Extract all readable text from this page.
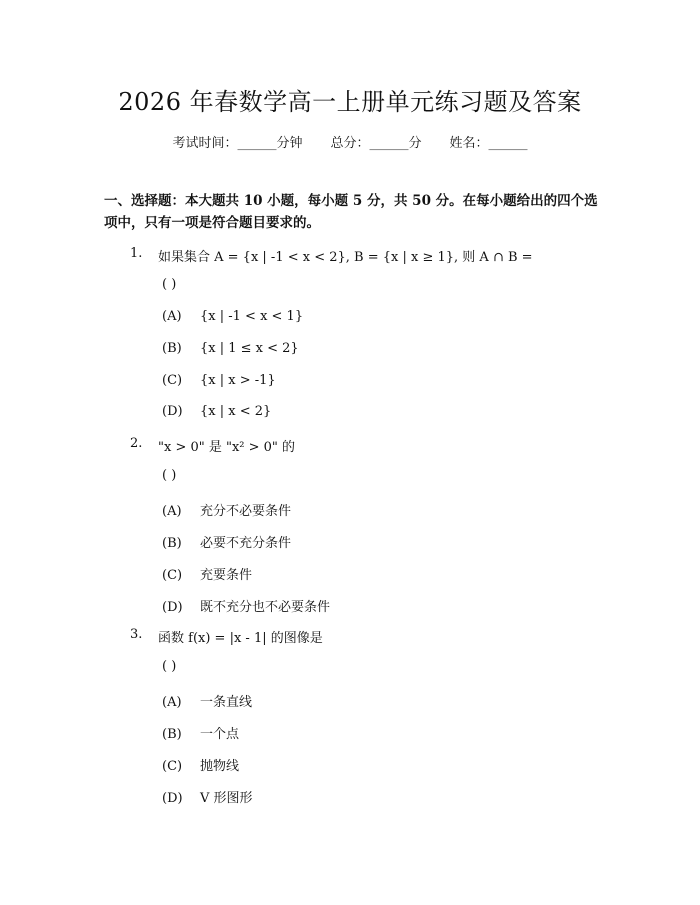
2026 年春数学高一上册单元练习题及答案
考试时间：______分钟 总分：______分 姓名：______
一、选择题：本大题共 10 小题，每小题 5 分，共 50 分。在每小题给出的四个选项中，只有一项是符合题目要求的。
1. 如果集合 A = {x | -1 < x < 2}, B = {x | x ≥ 1}, 则 A ∩ B =
( )
(A) {x | -1 < x < 1}
(B) {x | 1 ≤ x < 2}
(C) {x | x > -1}
(D) {x | x < 2}
2. "x > 0" 是 "x² > 0" 的
( )
(A) 充分不必要条件
(B) 必要不充分条件
(C) 充要条件
(D) 既不充分也不必要条件
3. 函数 f(x) = |x - 1| 的图像是
( )
(A) 一条直线
(B) 一个点
(C) 抛物线
(D) V 形图形
